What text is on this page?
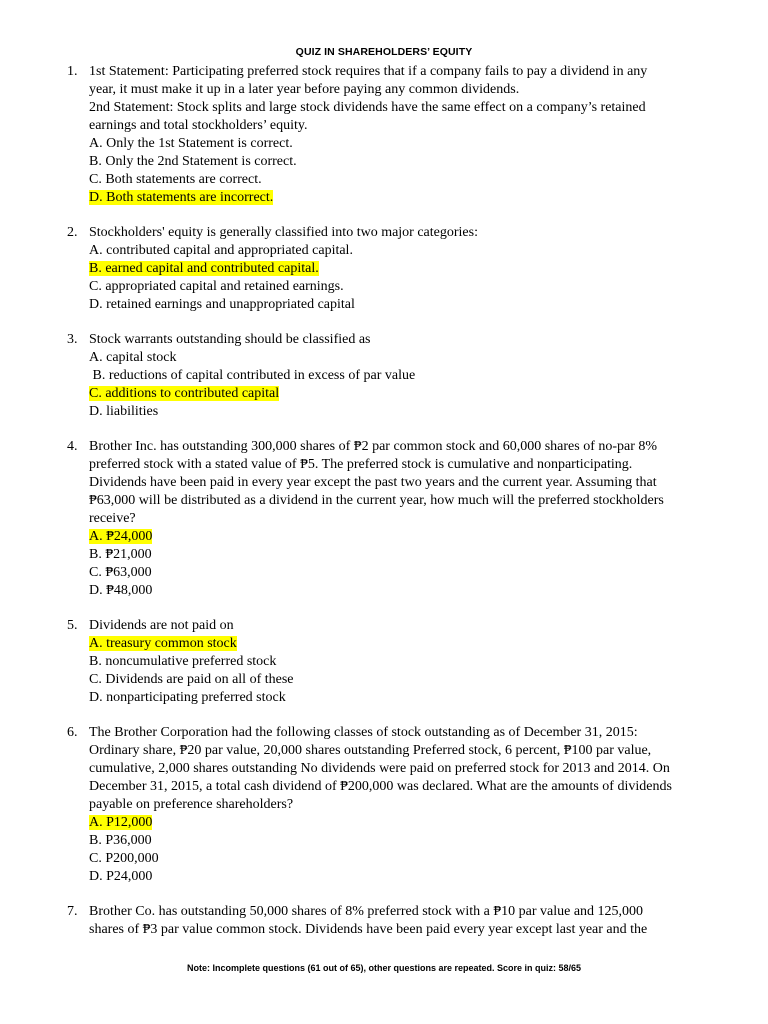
QUIZ IN SHAREHOLDERS’ EQUITY
1. 1st Statement: Participating preferred stock requires that if a company fails to pay a dividend in any
year, it must make it up in a later year before paying any common dividends.
2nd Statement: Stock splits and large stock dividends have the same effect on a company’s retained
earnings and total stockholders’ equity.
A. Only the 1st Statement is correct.
B. Only the 2nd Statement is correct.
C. Both statements are correct.
D. Both statements are incorrect.
2. Stockholders' equity is generally classified into two major categories:
A. contributed capital and appropriated capital.
B. earned capital and contributed capital.
C. appropriated capital and retained earnings.
D. retained earnings and unappropriated capital
3. Stock warrants outstanding should be classified as
A. capital stock
B. reductions of capital contributed in excess of par value
C. additions to contributed capital
D. liabilities
4. Brother Inc. has outstanding 300,000 shares of ₱2 par common stock and 60,000 shares of no-par 8%
preferred stock with a stated value of ₱5. The preferred stock is cumulative and nonparticipating.
Dividends have been paid in every year except the past two years and the current year. Assuming that
₱63,000 will be distributed as a dividend in the current year, how much will the preferred stockholders
receive?
A. ₱24,000
B. ₱21,000
C. ₱63,000
D. ₱48,000
5. Dividends are not paid on
A. treasury common stock
B. noncumulative preferred stock
C. Dividends are paid on all of these
D. nonparticipating preferred stock
6. The Brother Corporation had the following classes of stock outstanding as of December 31, 2015:
Ordinary share, ₱20 par value, 20,000 shares outstanding Preferred stock, 6 percent, ₱100 par value,
cumulative, 2,000 shares outstanding No dividends were paid on preferred stock for 2013 and 2014. On
December 31, 2015, a total cash dividend of ₱200,000 was declared. What are the amounts of dividends
payable on preference shareholders?
A. P12,000
B. P36,000
C. P200,000
D. P24,000
7. Brother Co. has outstanding 50,000 shares of 8% preferred stock with a ₱10 par value and 125,000
shares of ₱3 par value common stock. Dividends have been paid every year except last year and the
Note: Incomplete questions (61 out of 65), other questions are repeated. Score in quiz: 58/65
